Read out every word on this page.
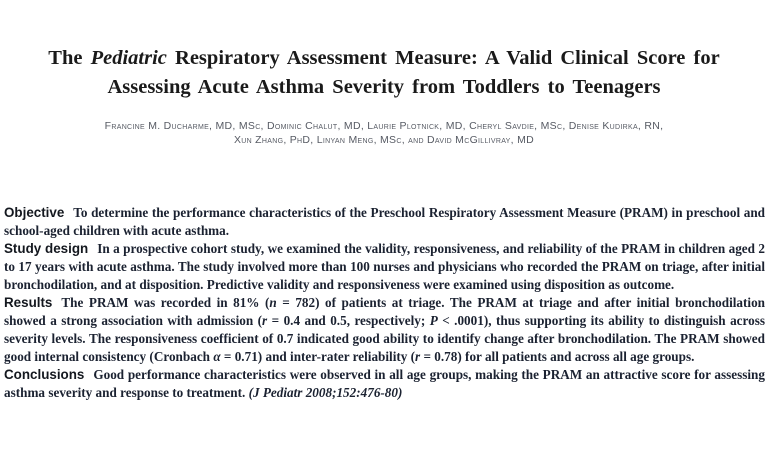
The Pediatric Respiratory Assessment Measure: A Valid Clinical Score for
Assessing Acute Asthma Severity from Toddlers to Teenagers
Francine M. Ducharme, MD, MSc, Dominic Chalut, MD, Laurie Plotnick, MD, Cheryl Savdie, MSc, Denise Kudirka, RN,
Xun Zhang, PhD, Linyan Meng, MSc, and David McGillivray, MD

Objective To determine the performance characteristics of the Preschool Respiratory Assessment Measure (PRAM) in preschool and school-aged children with acute asthma.

Study design In a prospective cohort study, we examined the validity, responsiveness, and reliability of the PRAM in children aged 2 to 17 years with acute asthma. The study involved more than 100 nurses and physicians who recorded the PRAM on triage, after initial bronchodilation, and at disposition. Predictive validity and responsiveness were examined using disposition as outcome.

Results The PRAM was recorded in 81% (n = 782) of patients at triage. The PRAM at triage and after initial bronchodilation showed a strong association with admission (r = 0.4 and 0.5, respectively; P < .0001), thus supporting its ability to distinguish across severity levels. The responsiveness coefficient of 0.7 indicated good ability to identify change after bronchodilation. The PRAM showed good internal consistency (Cronbach α = 0.71) and inter-rater reliability (r = 0.78) for all patients and across all age groups.

Conclusions Good performance characteristics were observed in all age groups, making the PRAM an attractive score for assessing asthma severity and response to treatment. (J Pediatr 2008;152:476-80)
